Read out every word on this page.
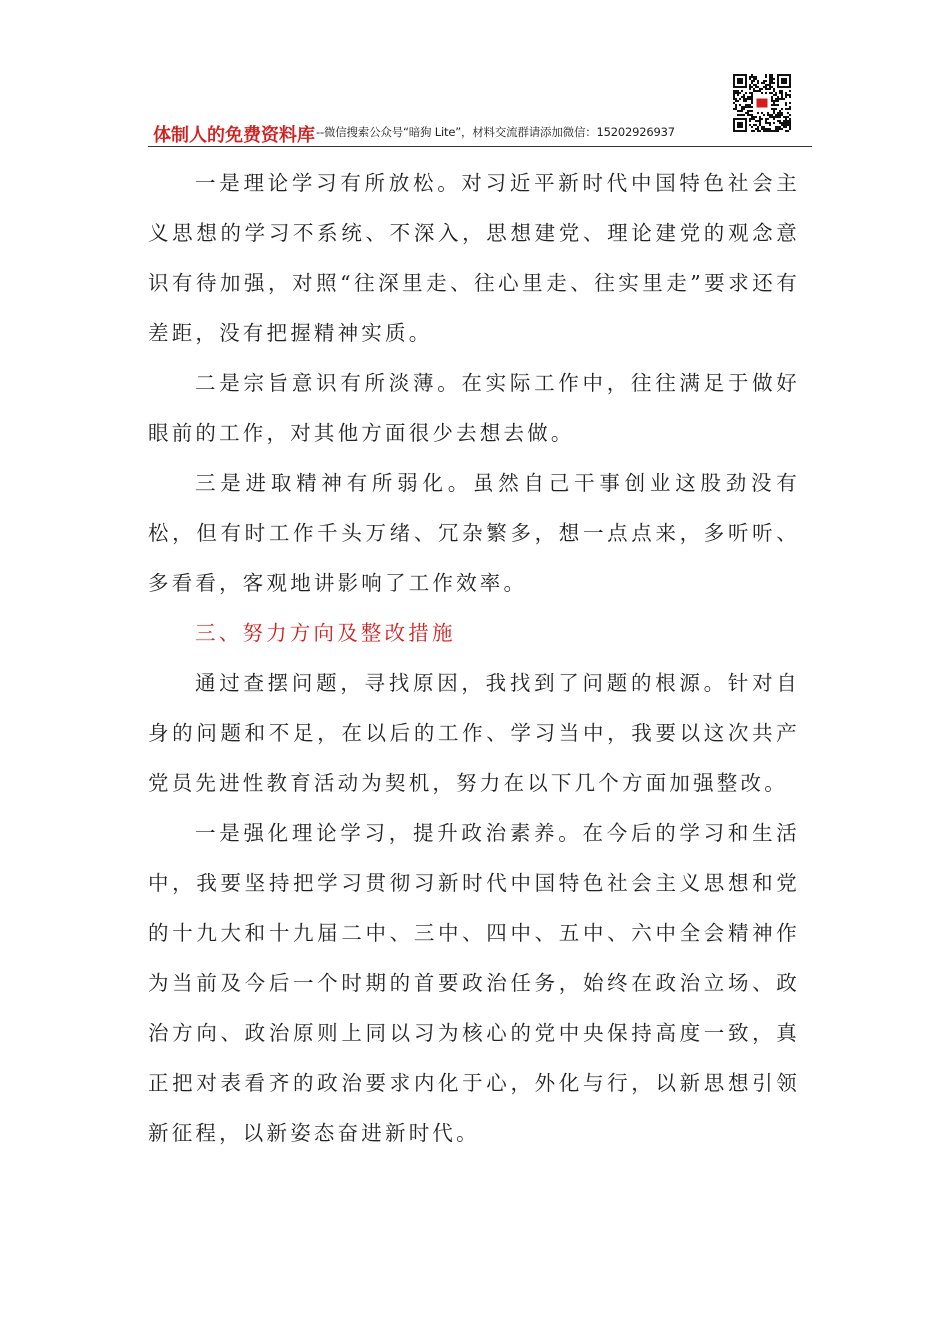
体制人的免费资料库 --微信搜索公众号“暗狗 Lite”，材料交流群请添加微信：15202926937

一是理论学习有所放松。对习近平新时代中国特色社会主义思想的学习不系统、不深入，思想建党、理论建党的观念意识有待加强，对照“往深里走、往心里走、往实里走”要求还有差距，没有把握精神实质。

二是宗旨意识有所淡薄。在实际工作中，往往满足于做好眼前的工作，对其他方面很少去想去做。

三是进取精神有所弱化。虽然自己干事创业这股劲没有松，但有时工作千头万绪、冗杂繁多，想一点点来，多听听、多看看，客观地讲影响了工作效率。

三、努力方向及整改措施

通过查摆问题，寻找原因，我找到了问题的根源。针对自身的问题和不足，在以后的工作、学习当中，我要以这次共产党员先进性教育活动为契机，努力在以下几个方面加强整改。

一是强化理论学习，提升政治素养。在今后的学习和生活中，我要坚持把学习贯彻习新时代中国特色社会主义思想和党的十九大和十九届二中、三中、四中、五中、六中全会精神作为当前及今后一个时期的首要政治任务，始终在政治立场、政治方向、政治原则上同以习为核心的党中央保持高度一致，真正把对表看齐的政治要求内化于心，外化与行，以新思想引领新征程，以新姿态奋进新时代。
